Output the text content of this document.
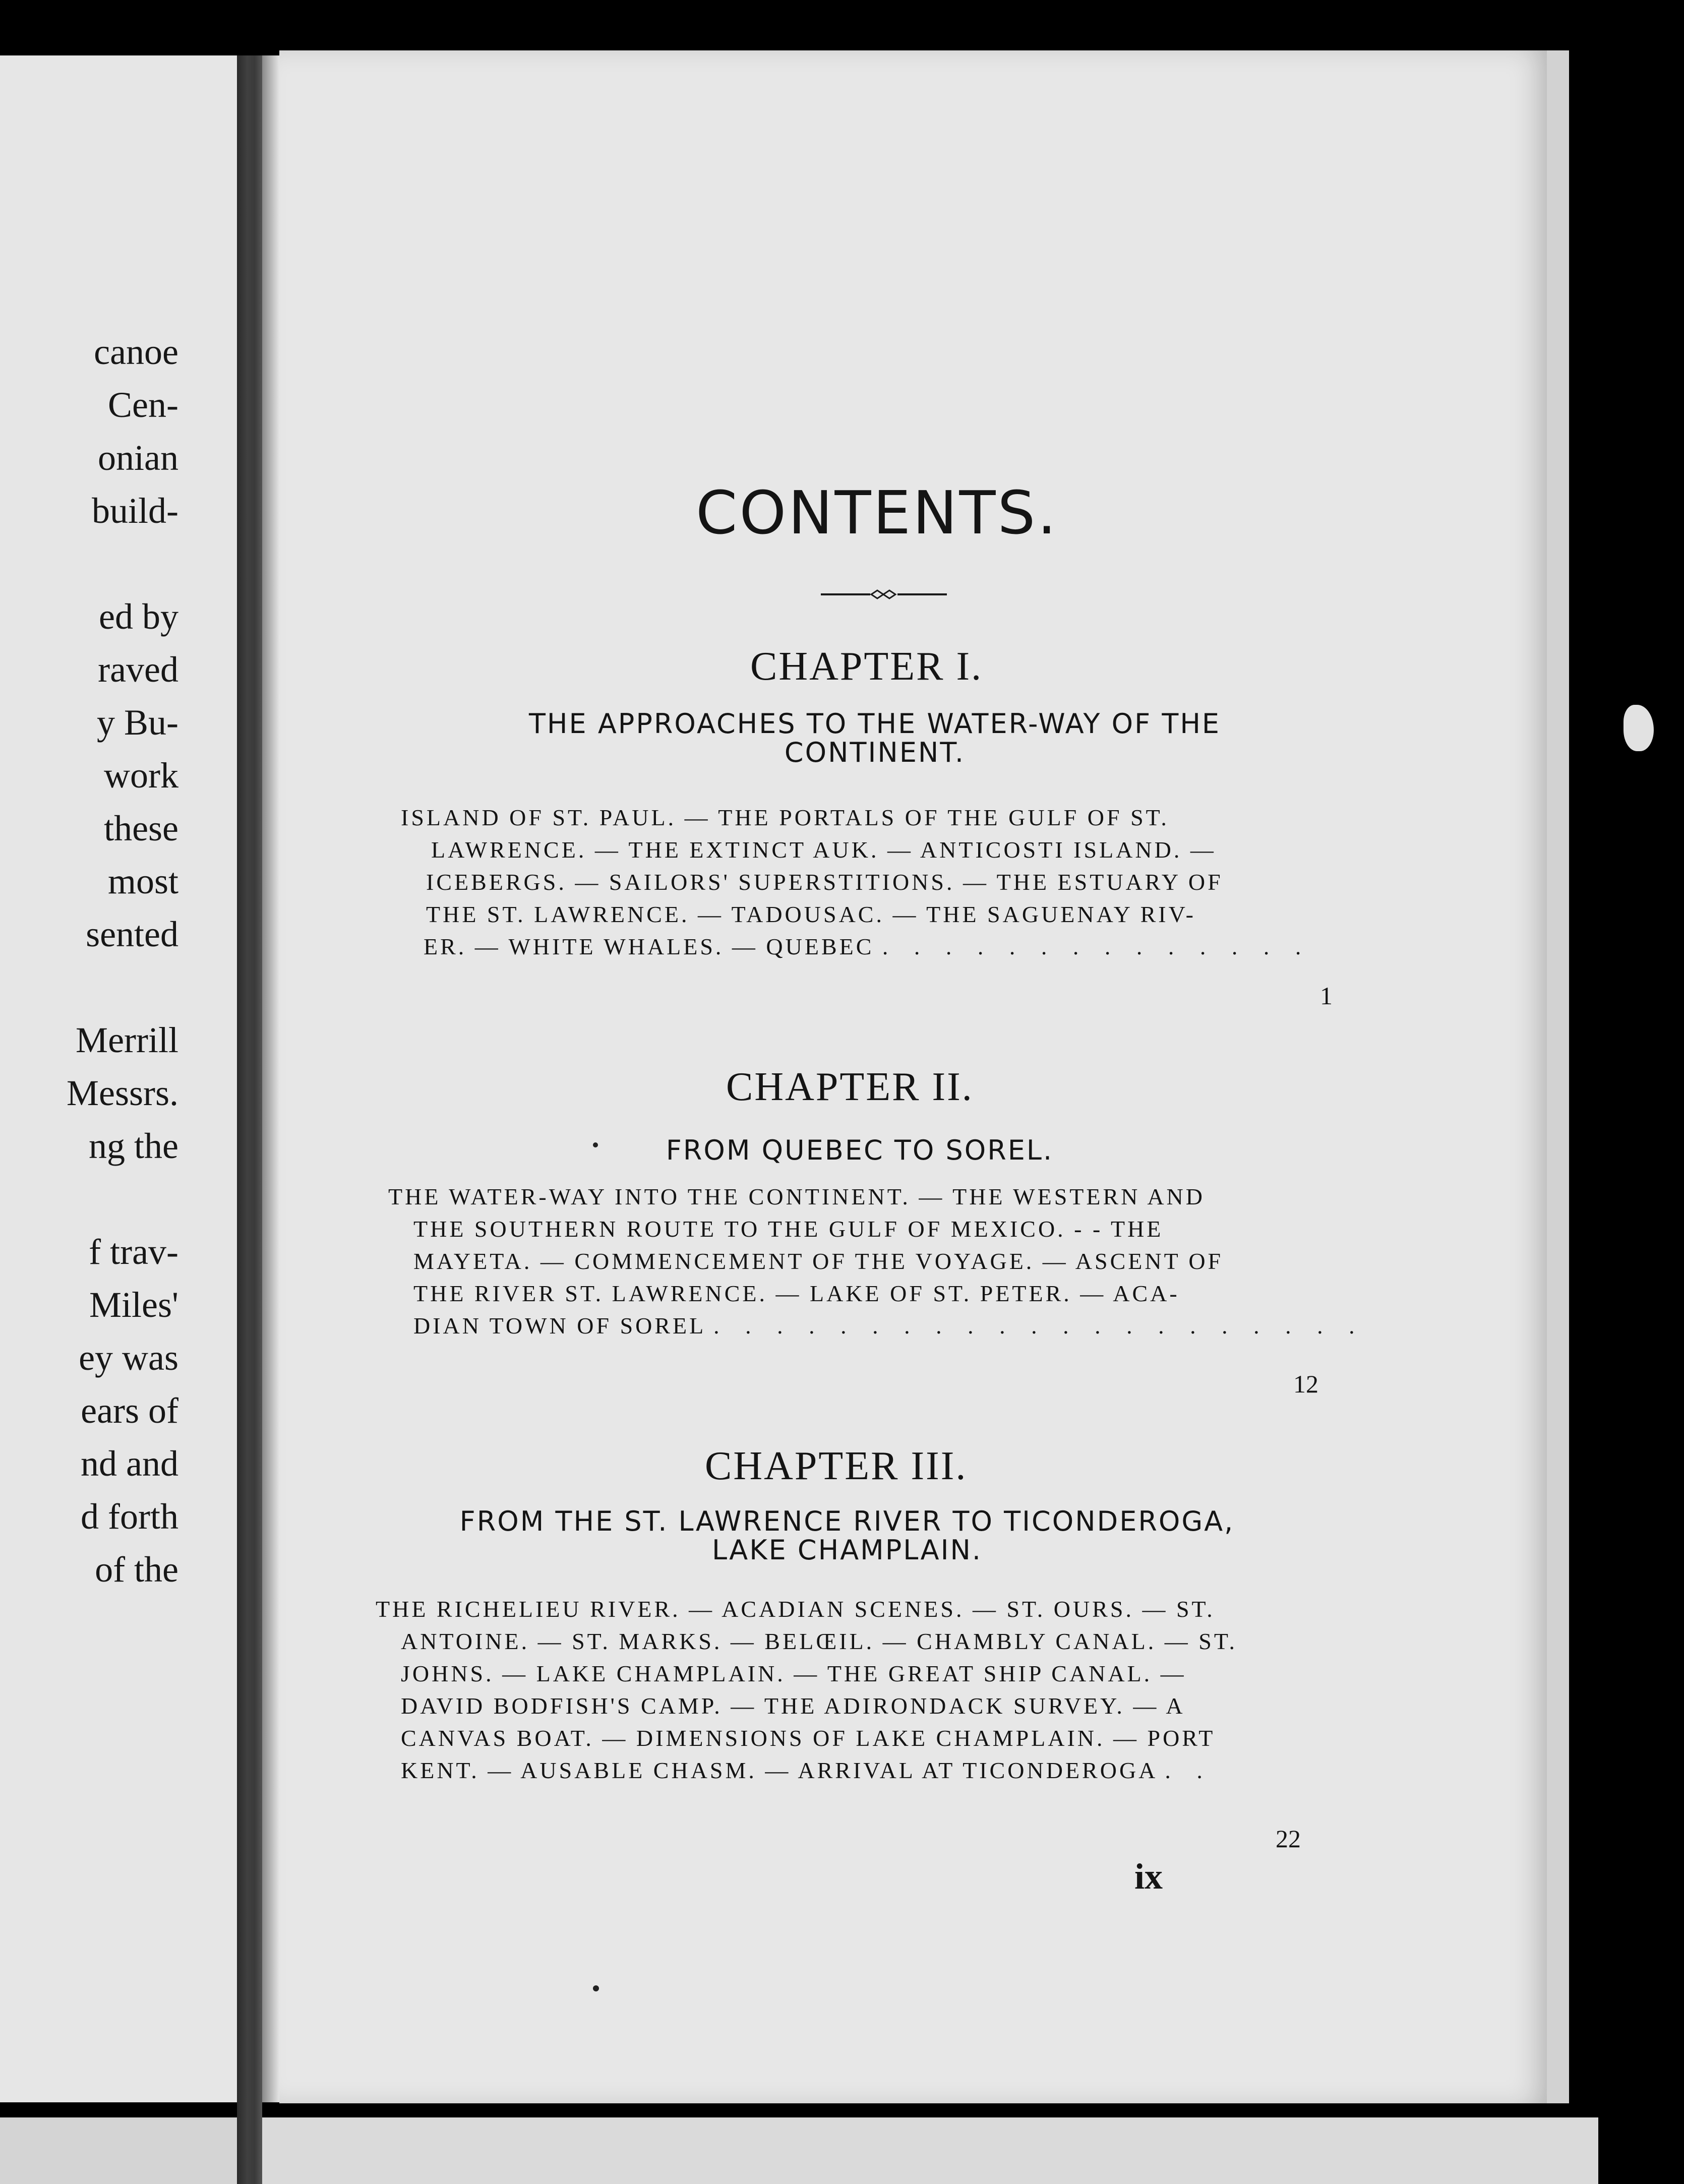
canoe
Cen-
onian
build-
ed by
raved
y Bu-
work
these
most
sented
Merrill
Messrs.
ng the
f trav-
Miles'
ey was
ears of
nd and
d forth
of the
CONTENTS.
CHAPTER I.
THE APPROACHES TO THE WATER-WAY OF THE
CONTINENT.
ISLAND OF ST. PAUL. — THE PORTALS OF THE GULF OF ST.
LAWRENCE. — THE EXTINCT AUK. — ANTICOSTI ISLAND. —
ICEBERGS. — SAILORS' SUPERSTITIONS. — THE ESTUARY OF
THE ST. LAWRENCE. — TADOUSAC. — THE SAGUENAY RIV-
ER. — WHITE WHALES. — QUEBEC . . . . . . . . . . . . . .
1
CHAPTER II.
FROM QUEBEC TO SOREL.
THE WATER-WAY INTO THE CONTINENT. — THE WESTERN AND
THE SOUTHERN ROUTE TO THE GULF OF MEXICO. - - THE
MAYETA. — COMMENCEMENT OF THE VOYAGE. — ASCENT OF
THE RIVER ST. LAWRENCE. — LAKE OF ST. PETER. — ACA-
DIAN TOWN OF SOREL . . . . . . . . . . . . . . . . . . . . .
12
CHAPTER III.
FROM THE ST. LAWRENCE RIVER TO TICONDEROGA,
LAKE CHAMPLAIN.
THE RICHELIEU RIVER. — ACADIAN SCENES. — ST. OURS. — ST.
ANTOINE. — ST. MARKS. — BELŒIL. — CHAMBLY CANAL. — ST.
JOHNS. — LAKE CHAMPLAIN. — THE GREAT SHIP CANAL. —
DAVID BODFISH'S CAMP. — THE ADIRONDACK SURVEY. — A
CANVAS BOAT. — DIMENSIONS OF LAKE CHAMPLAIN. — PORT
KENT. — AUSABLE CHASM. — ARRIVAL AT TICONDEROGA . .
22
ix
